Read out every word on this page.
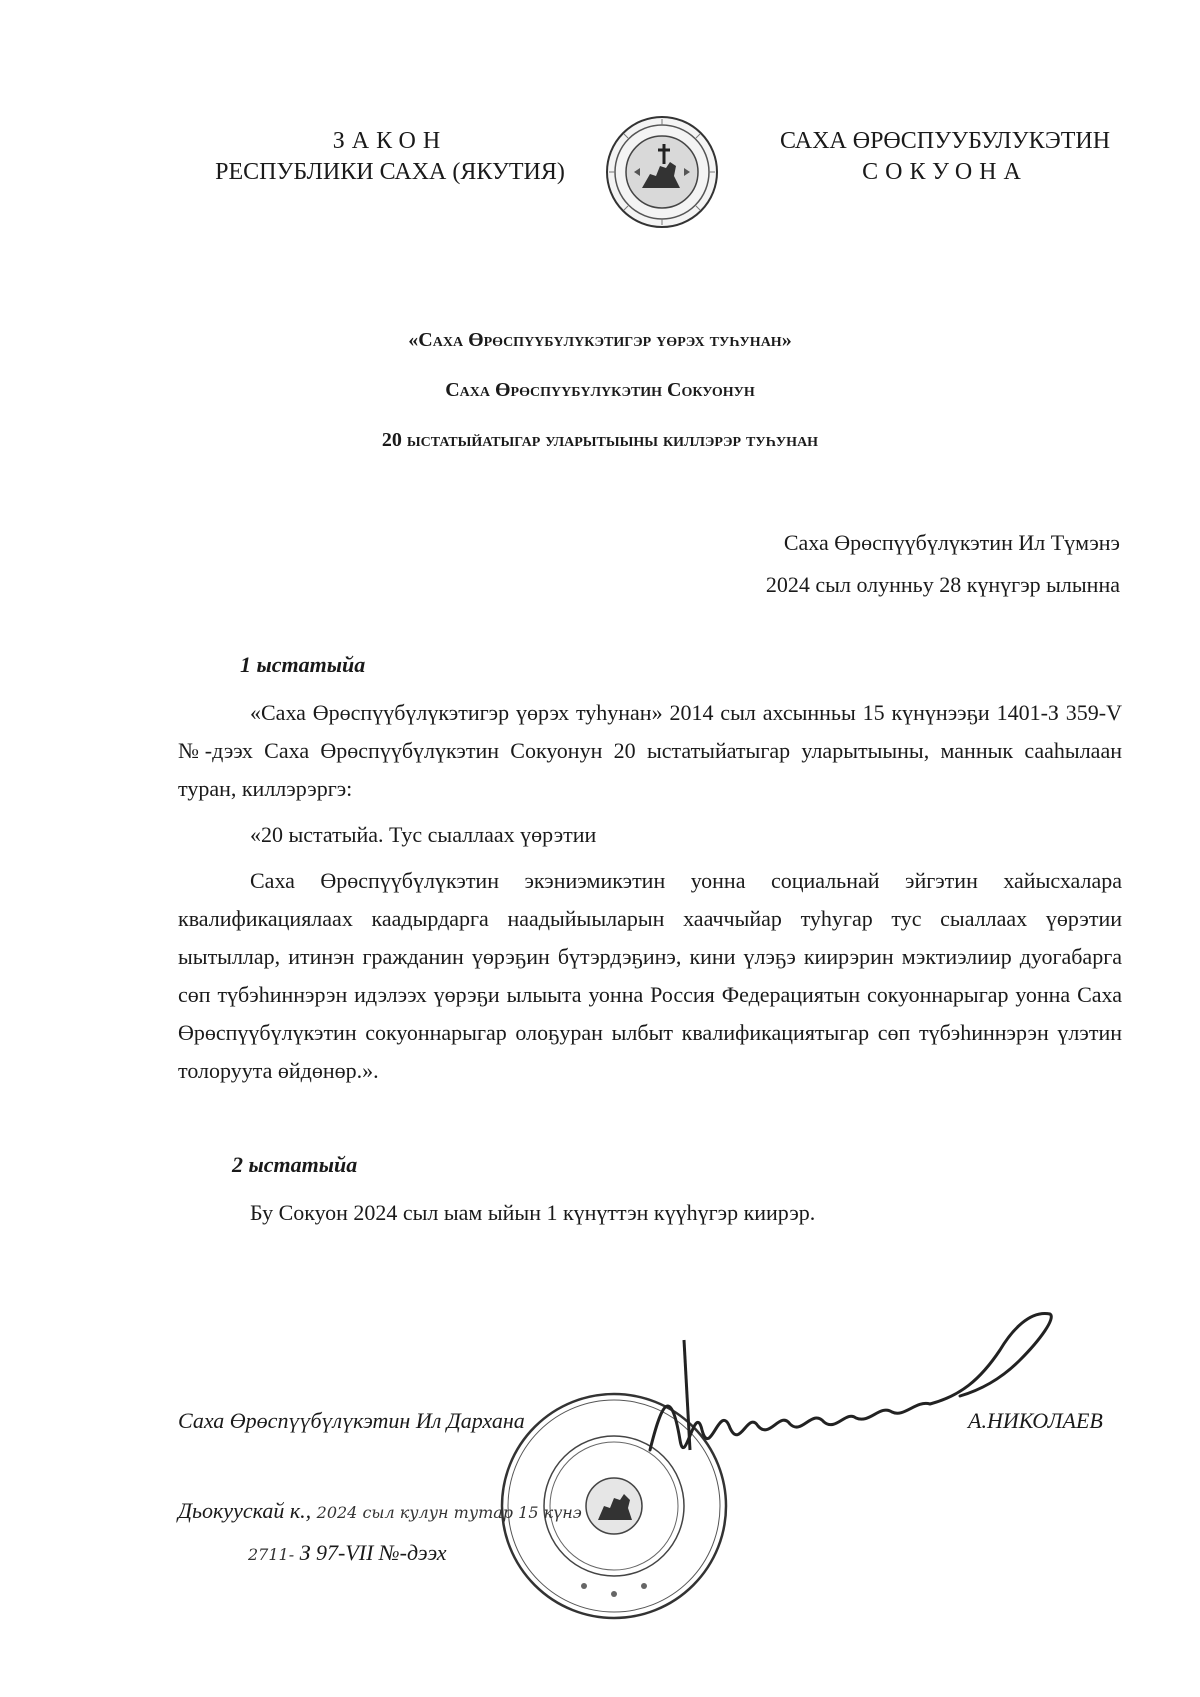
ЗАКОН
РЕСПУБЛИКИ САХА (ЯКУТИЯ)
САХА ӨРӨСПУУБУЛУКЭТИН
СОКУОНА
«Саха Өрөспүүбүлүкэтигэр үөрэх туһунан»
Саха Өрөспүүбүлүкэтин Сокуонун
20 ыстатыйатыгар уларытыыны киллэрэр туһунан
Саха Өрөспүүбүлүкэтин Ил Түмэнэ
2024 сыл олунньу 28 күнүгэр ылынна
1 ыстатыйа

«Саха Өрөспүүбүлүкэтигэр үөрэх туһунан» 2014 сыл ахсынньы 15 күнүнээҕи 1401-З 359-V №-дээх Саха Өрөспүүбүлүкэтин Сокуонун 20 ыстатыйатыгар уларытыыны, маннык сааһылаан туран, киллэрэргэ:

«20 ыстатыйа. Тус сыаллаах үөрэтии

Саха Өрөспүүбүлүкэтин экэниэмикэтин уонна социальнай эйгэтин хайысхалара квалификациялаах каадырдарга наадыйыыларын хааччыйар туһугар тус сыаллаах үөрэтии ыытыллар, итинэн гражданин үөрэҕин бүтэрдэҕинэ, кини үлэҕэ киирэрин мэктиэлиир дуогабарга сөп түбэһиннэрэн идэлээх үөрэҕи ылыыта уонна Россия Федерациятын сокуоннарыгар уонна Саха Өрөспүүбүлүкэтин сокуоннарыгар олоҕуран ылбыт квалификациятыгар сөп түбэһиннэрэн үлэтин толоруута өйдөнөр.».

2 ыстатыйа

Бу Сокуон 2024 сыл ыам ыйын 1 күнүттэн күүһүгэр киирэр.

Саха Өрөспүүбүлүкэтин Ил Дархана	А.НИКОЛАЕВ
Дьокуускай к., 2024 сыл кулун тутар 15 күнэ
2711- З 97-VII №-дээх
